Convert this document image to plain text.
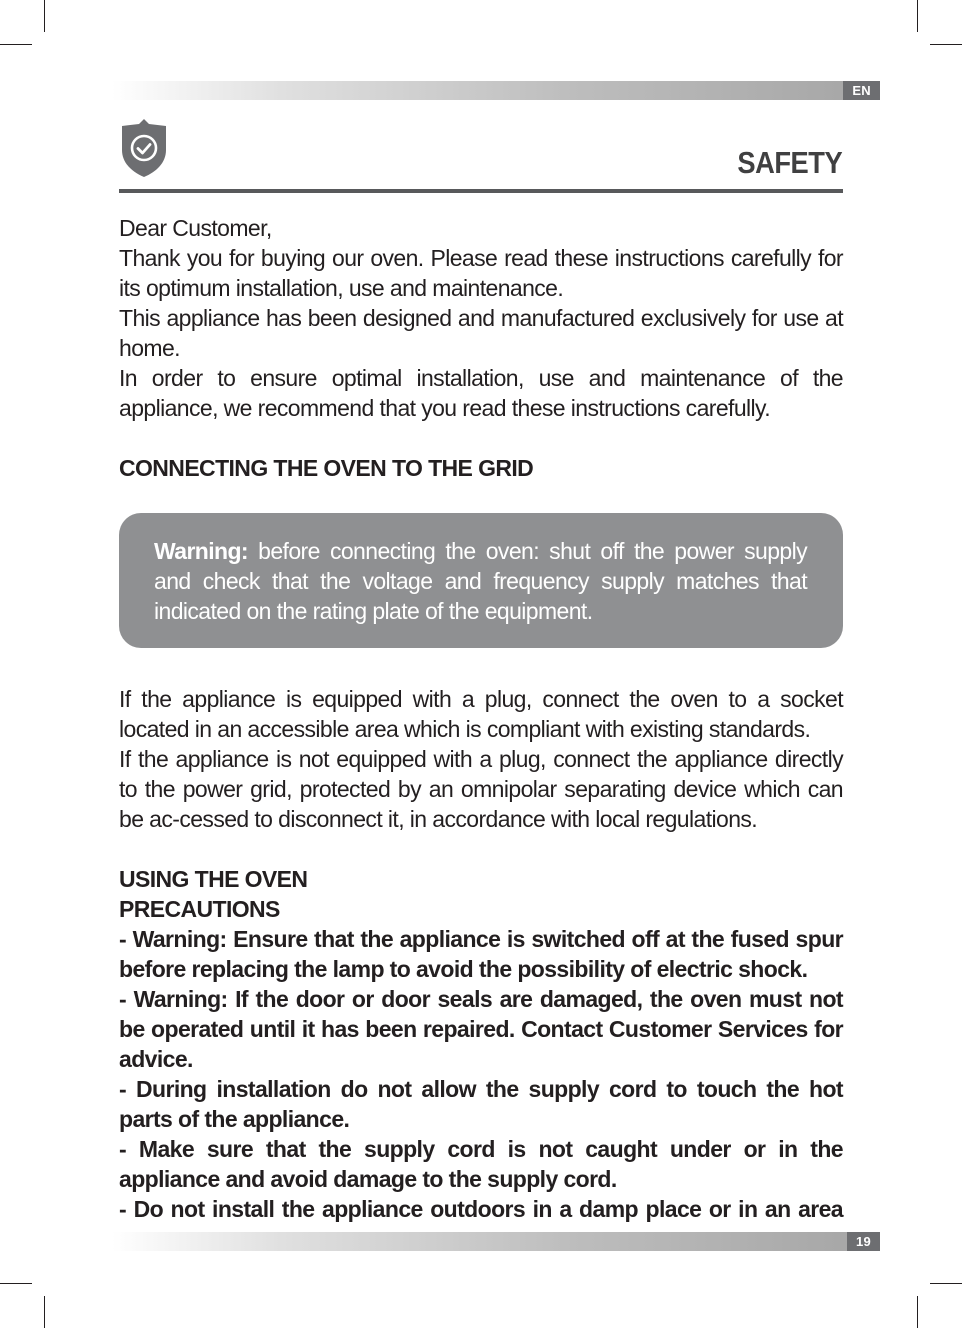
EN
SAFETY

Dear Customer,

Thank you for buying our oven. Please read these instructions carefully for its optimum installation, use and maintenance.

This appliance has been designed and manufactured exclusively for use at home.

In order to ensure optimal installation, use and maintenance of the appliance, we recommend that you read these instructions carefully.

CONNECTING THE OVEN TO THE GRID
Warning: before connecting the oven: shut off the power supply and check that the voltage and frequency supply matches that indicated on the rating plate of the equipment.

If the appliance is equipped with a plug, connect the oven to a socket located in an accessible area which is compliant with existing standards.

If the appliance is not equipped with a plug, connect the appliance directly to the power grid, protected by an omnipolar separating device which can be ac-cessed to disconnect it, in accordance with local regulations.

USING THE OVEN
PRECAUTIONS

- Warning: Ensure that the appliance is switched off at the fused spur before replacing the lamp to avoid the possibility of electric shock.

- Warning: If the door or door seals are damaged, the oven must not be operated until it has been repaired. Contact Customer Services for advice.

- During installation do not allow the supply cord to touch the hot parts of the appliance.

- Make sure that the supply cord is not caught under or in the appliance and avoid damage to the supply cord.

- Do not install the appliance outdoors in a damp place or in an area

19
